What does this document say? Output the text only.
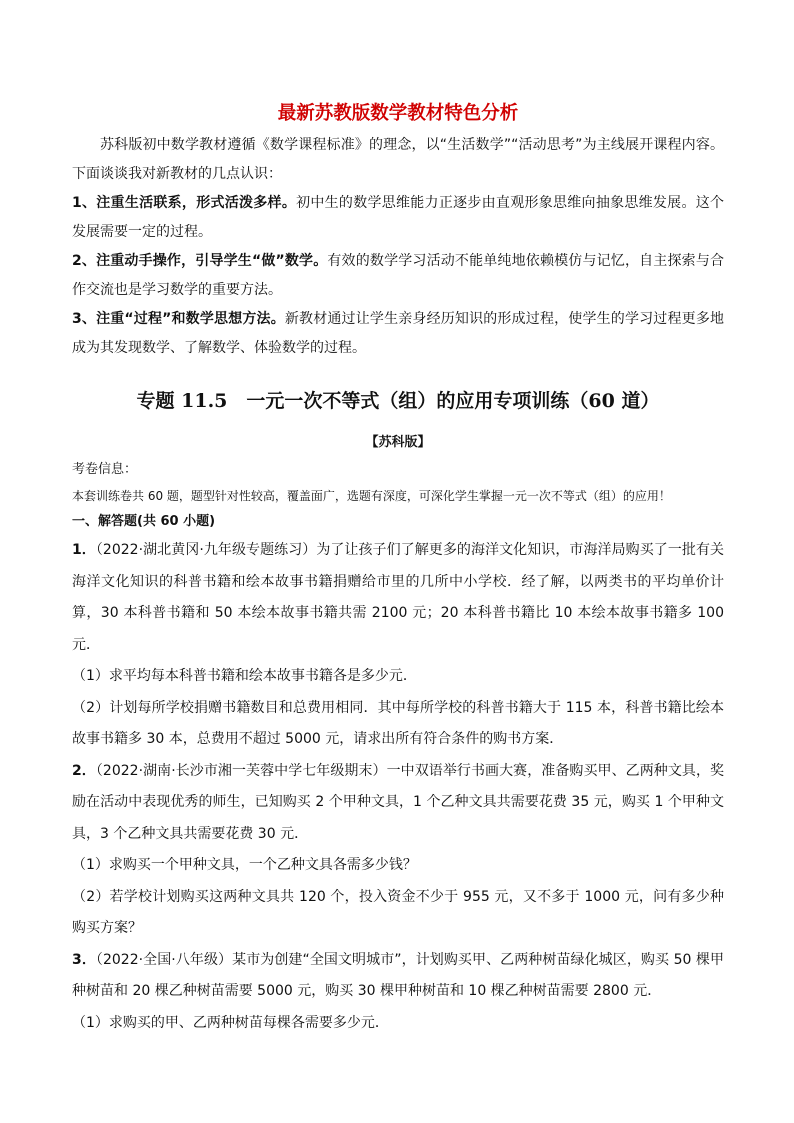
最新苏教版数学教材特色分析

苏科版初中数学教材遵循《数学课程标准》的理念，以“生活数学”“活动思考”为主线展开课程内容。下面谈谈我对新教材的几点认识：

1、注重生活联系，形式活泼多样。初中生的数学思维能力正逐步由直观形象思维向抽象思维发展。这个发展需要一定的过程。

2、注重动手操作，引导学生“做”数学。有效的数学学习活动不能单纯地依赖模仿与记忆，自主探索与合作交流也是学习数学的重要方法。

3、注重“过程”和数学思想方法。新教材通过让学生亲身经历知识的形成过程，使学生的学习过程更多地成为其发现数学、了解数学、体验数学的过程。

专题 11.5　一元一次不等式（组）的应用专项训练（60 道）

【苏科版】

考卷信息：

本套训练卷共 60 题，题型针对性较高，覆盖面广，选题有深度，可深化学生掌握一元一次不等式（组）的应用！

一、解答题(共 60 小题)

1．（2022·湖北黄冈·九年级专题练习）为了让孩子们了解更多的海洋文化知识，市海洋局购买了一批有关海洋文化知识的科普书籍和绘本故事书籍捐赠给市里的几所中小学校．经了解，以两类书的平均单价计算，30 本科普书籍和 50 本绘本故事书籍共需 2100 元；20 本科普书籍比 10 本绘本故事书籍多 100 元．

（1）求平均每本科普书籍和绘本故事书籍各是多少元．

（2）计划每所学校捐赠书籍数目和总费用相同．其中每所学校的科普书籍大于 115 本，科普书籍比绘本故事书籍多 30 本，总费用不超过 5000 元，请求出所有符合条件的购书方案．

2．（2022·湖南·长沙市湘一芙蓉中学七年级期末）一中双语举行书画大赛，准备购买甲、乙两种文具，奖励在活动中表现优秀的师生，已知购买 2 个甲种文具，1 个乙种文具共需要花费 35 元，购买 1 个甲种文具，3 个乙种文具共需要花费 30 元．

（1）求购买一个甲种文具，一个乙种文具各需多少钱？

（2）若学校计划购买这两种文具共 120 个，投入资金不少于 955 元，又不多于 1000 元，问有多少种购买方案？

3．（2022·全国·八年级）某市为创建“全国文明城市”，计划购买甲、乙两种树苗绿化城区，购买 50 棵甲种树苗和 20 棵乙种树苗需要 5000 元，购买 30 棵甲种树苗和 10 棵乙种树苗需要 2800 元．

（1）求购买的甲、乙两种树苗每棵各需要多少元．
